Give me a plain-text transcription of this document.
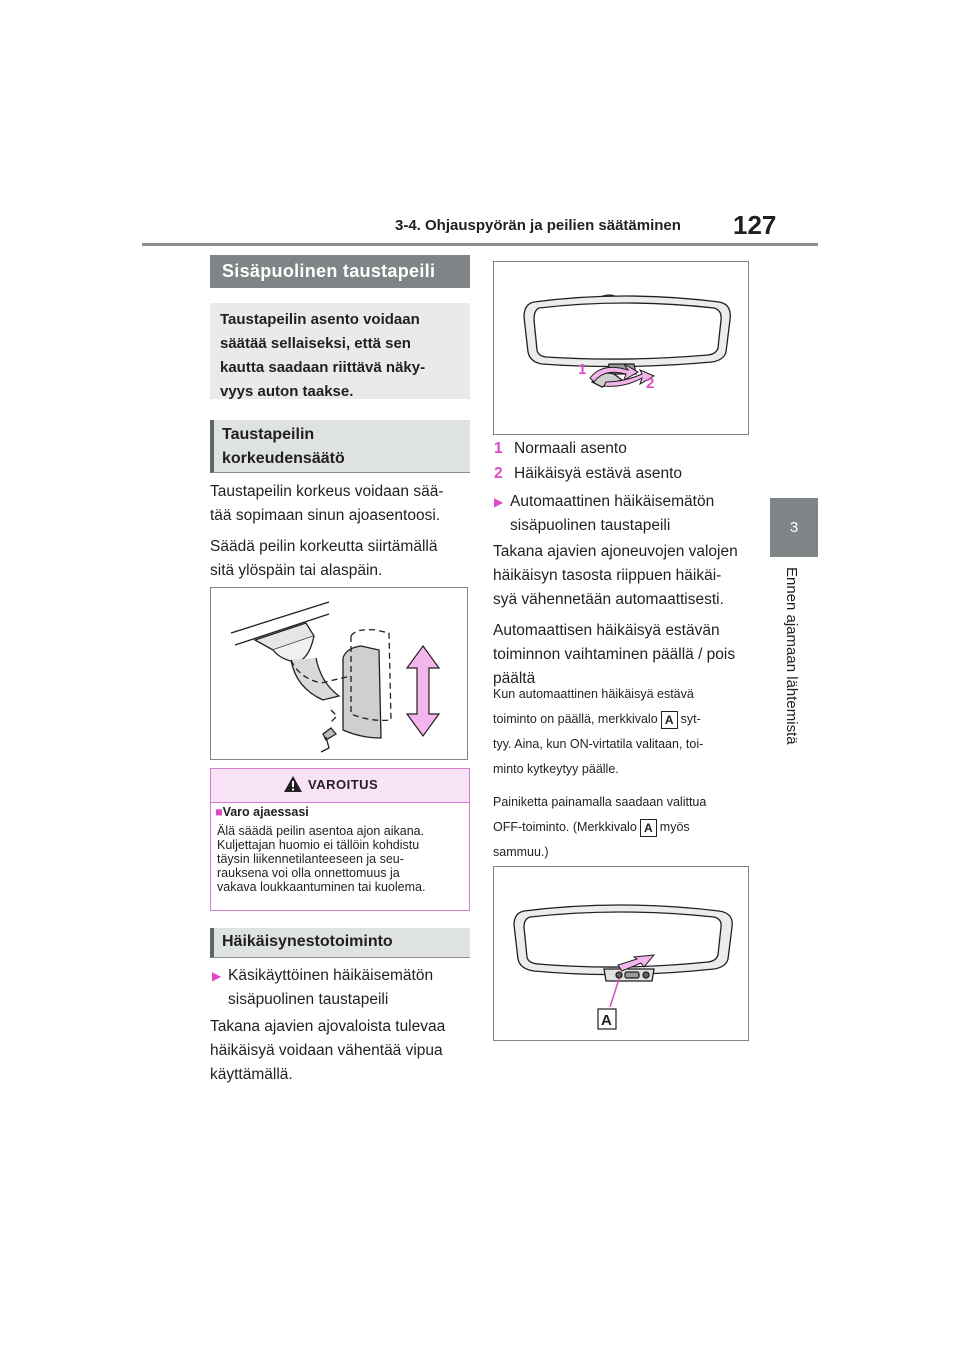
3-4. Ohjauspyörän ja peilien säätäminen 127
3
Ennen ajamaan lähtemistä
Sisäpuolinen taustapeili
Taustapeilin asento voidaan
säätää sellaiseksi, että sen
kautta saadaan riittävä näky-
vyys auton taakse.
Taustapeilin
korkeudensäätö
Taustapeilin korkeus voidaan sää-
tää sopimaan sinun ajoasentoosi.
Säädä peilin korkeutta siirtämällä
sitä ylöspäin tai alaspäin.
VAROITUS
■Varo ajaessasi
Älä säädä peilin asentoa ajon aikana.
Kuljettajan huomio ei tällöin kohdistu
täysin liikennetilanteeseen ja seu-
rauksena voi olla onnettomuus ja
vakava loukkaantuminen tai kuolema.
Häikäisynestotoiminto
▶ Käsikäyttöinen häikäisemätön
sisäpuolinen taustapeili
Takana ajavien ajovaloista tulevaa
häikäisyä voidaan vähentää vipua
käyttämällä.
1
2
1 Normaali asento
2 Häikäisyä estävä asento
▶ Automaattinen häikäisemätön
sisäpuolinen taustapeili
Takana ajavien ajoneuvojen valojen
häikäisyn tasosta riippuen häikäi-
syä vähennetään automaattisesti.
Automaattisen häikäisyä estävän
toiminnon vaihtaminen päällä / pois
päältä
Kun automaattinen häikäisyä estävä
toiminto on päällä, merkkivalo A syt-
tyy. Aina, kun ON-virtatila valitaan, toi-
minto kytkeytyy päälle.
Painiketta painamalla saadaan valittua
OFF-toiminto. (Merkkivalo A myös
sammuu.)
A
